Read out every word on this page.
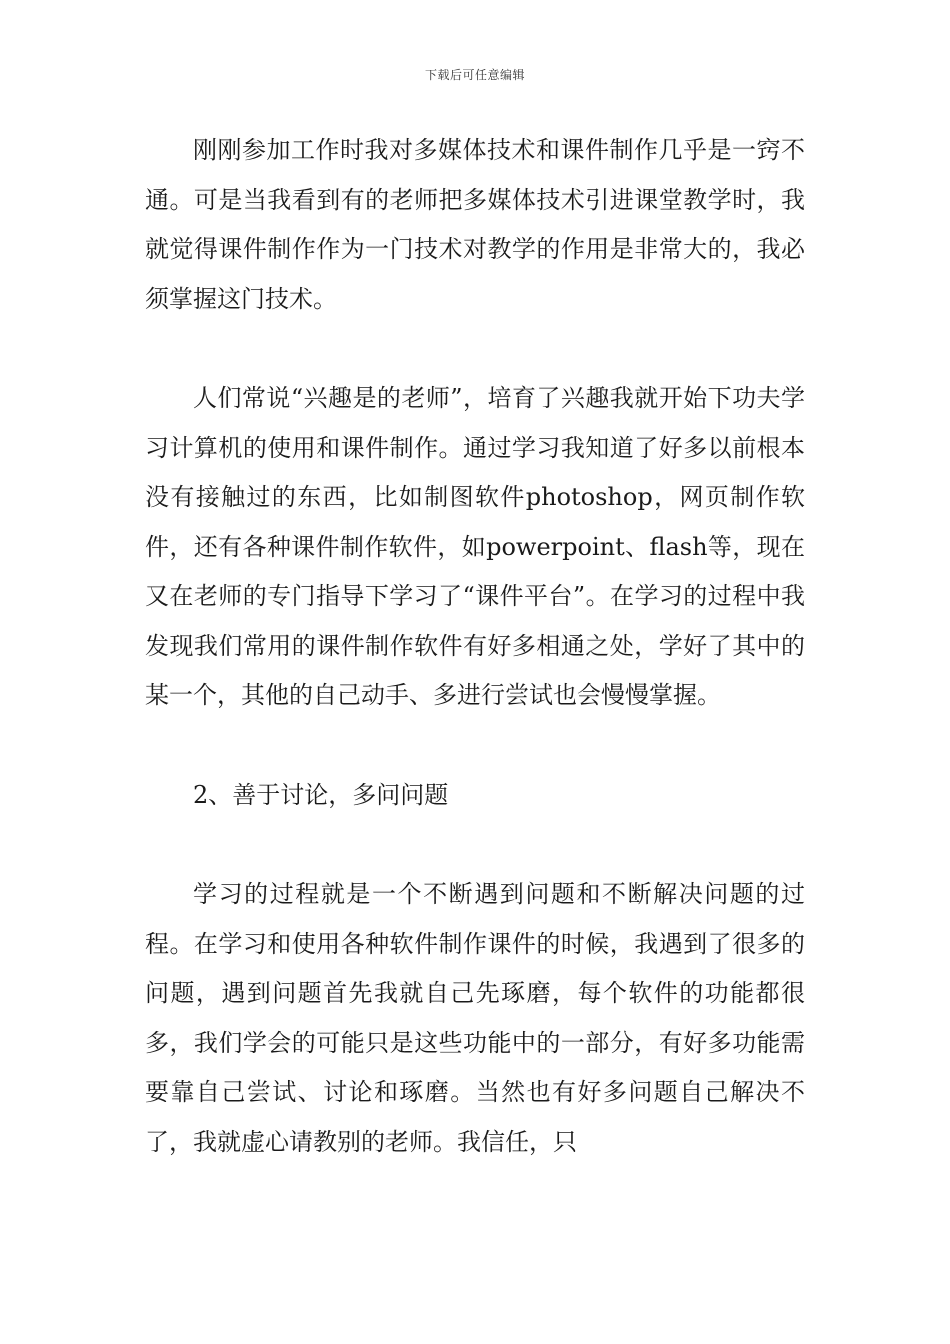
下载后可任意编辑

刚刚参加工作时我对多媒体技术和课件制作几乎是一窍不通。可是当我看到有的老师把多媒体技术引进课堂教学时，我就觉得课件制作作为一门技术对教学的作用是非常大的，我必须掌握这门技术。

人们常说“兴趣是的老师”，培育了兴趣我就开始下功夫学习计算机的使用和课件制作。通过学习我知道了好多以前根本没有接触过的东西，比如制图软件photoshop，网页制作软件，还有各种课件制作软件，如powerpoint、flash等，现在又在老师的专门指导下学习了“课件平台”。在学习的过程中我发现我们常用的课件制作软件有好多相通之处，学好了其中的某一个，其他的自己动手、多进行尝试也会慢慢掌握。

2、善于讨论，多问问题

学习的过程就是一个不断遇到问题和不断解决问题的过程。在学习和使用各种软件制作课件的时候，我遇到了很多的问题，遇到问题首先我就自己先琢磨，每个软件的功能都很多，我们学会的可能只是这些功能中的一部分，有好多功能需要靠自己尝试、讨论和琢磨。当然也有好多问题自己解决不了，我就虚心请教别的老师。我信任，只
